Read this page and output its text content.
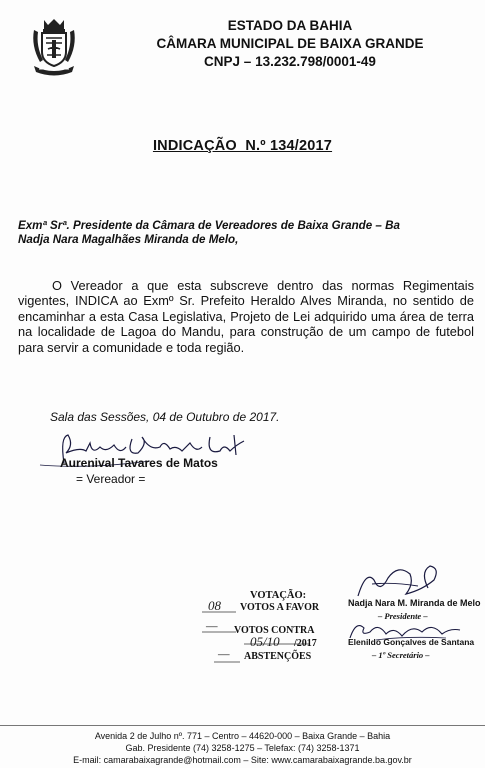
ESTADO DA BAHIA
CÂMARA MUNICIPAL DE BAIXA GRANDE
CNPJ – 13.232.798/0001-49
INDICAÇÃO  N.º 134/2017
Exmª Srª. Presidente da Câmara de Vereadores de Baixa Grande – Ba
Nadja Nara Magalhães Miranda de Melo,
O Vereador a que esta subscreve dentro das normas Regimentais vigentes, INDICA ao Exmº Sr. Prefeito Heraldo Alves Miranda, no sentido de encaminhar a esta Casa Legislativa, Projeto de Lei adquirido uma área de terra na localidade de Lagoa do Mandu, para construção de um campo de futebol para servir a comunidade e toda região.
Sala das Sessões, 04 de Outubro de 2017.
Aurenival Tavares de Matos
= Vereador =
VOTAÇÃO:
08 VOTOS A FAVOR
— VOTOS CONTRA
05/10 /2017
— ABSTENÇÕES
Nadja Nara M. Miranda de Melo
– Presidente –
Elenildo Gonçalves de Santana
– 1º Secretário –
Avenida 2 de Julho nº. 771 – Centro – 44620-000 – Baixa Grande – Bahia
Gab. Presidente (74) 3258-1275 – Telefax: (74) 3258-1371
E-mail: camarabaixagrande@hotmail.com – Site: www.camarabaixagrande.ba.gov.br
